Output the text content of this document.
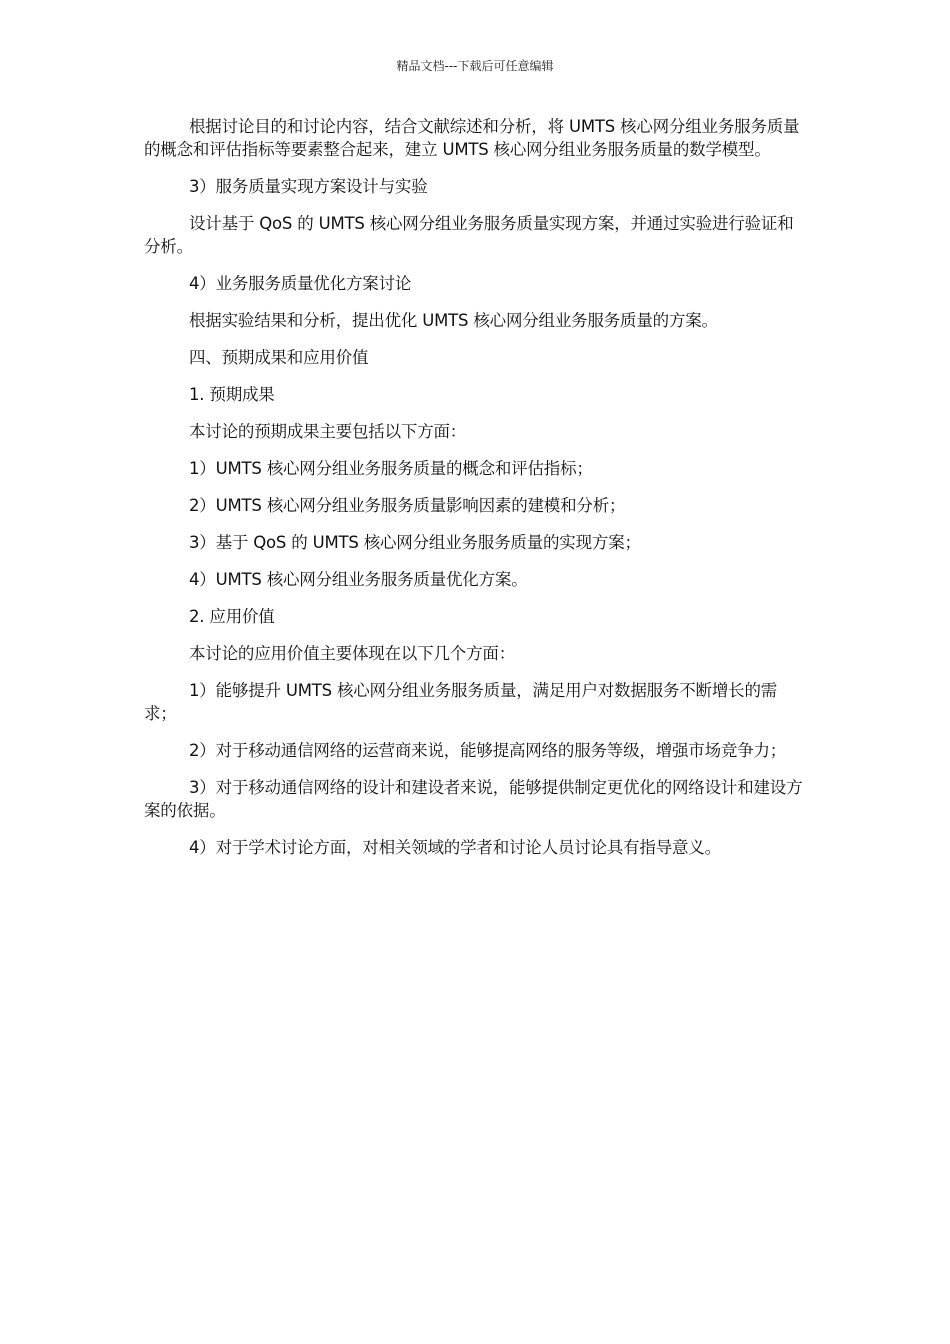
精品文档---下载后可任意编辑

根据讨论目的和讨论内容，结合文献综述和分析，将 UMTS 核心网分组业务服务质量的概念和评估指标等要素整合起来，建立 UMTS 核心网分组业务服务质量的数学模型。

3）服务质量实现方案设计与实验

设计基于 QoS 的 UMTS 核心网分组业务服务质量实现方案，并通过实验进行验证和分析。

4）业务服务质量优化方案讨论

根据实验结果和分析，提出优化 UMTS 核心网分组业务服务质量的方案。

四、预期成果和应用价值

1. 预期成果

本讨论的预期成果主要包括以下方面：

1）UMTS 核心网分组业务服务质量的概念和评估指标；

2）UMTS 核心网分组业务服务质量影响因素的建模和分析；

3）基于 QoS 的 UMTS 核心网分组业务服务质量的实现方案；

4）UMTS 核心网分组业务服务质量优化方案。

2. 应用价值

本讨论的应用价值主要体现在以下几个方面：

1）能够提升 UMTS 核心网分组业务服务质量，满足用户对数据服务不断增长的需求；

2）对于移动通信网络的运营商来说，能够提高网络的服务等级，增强市场竞争力；

3）对于移动通信网络的设计和建设者来说，能够提供制定更优化的网络设计和建设方案的依据。

4）对于学术讨论方面，对相关领域的学者和讨论人员讨论具有指导意义。
